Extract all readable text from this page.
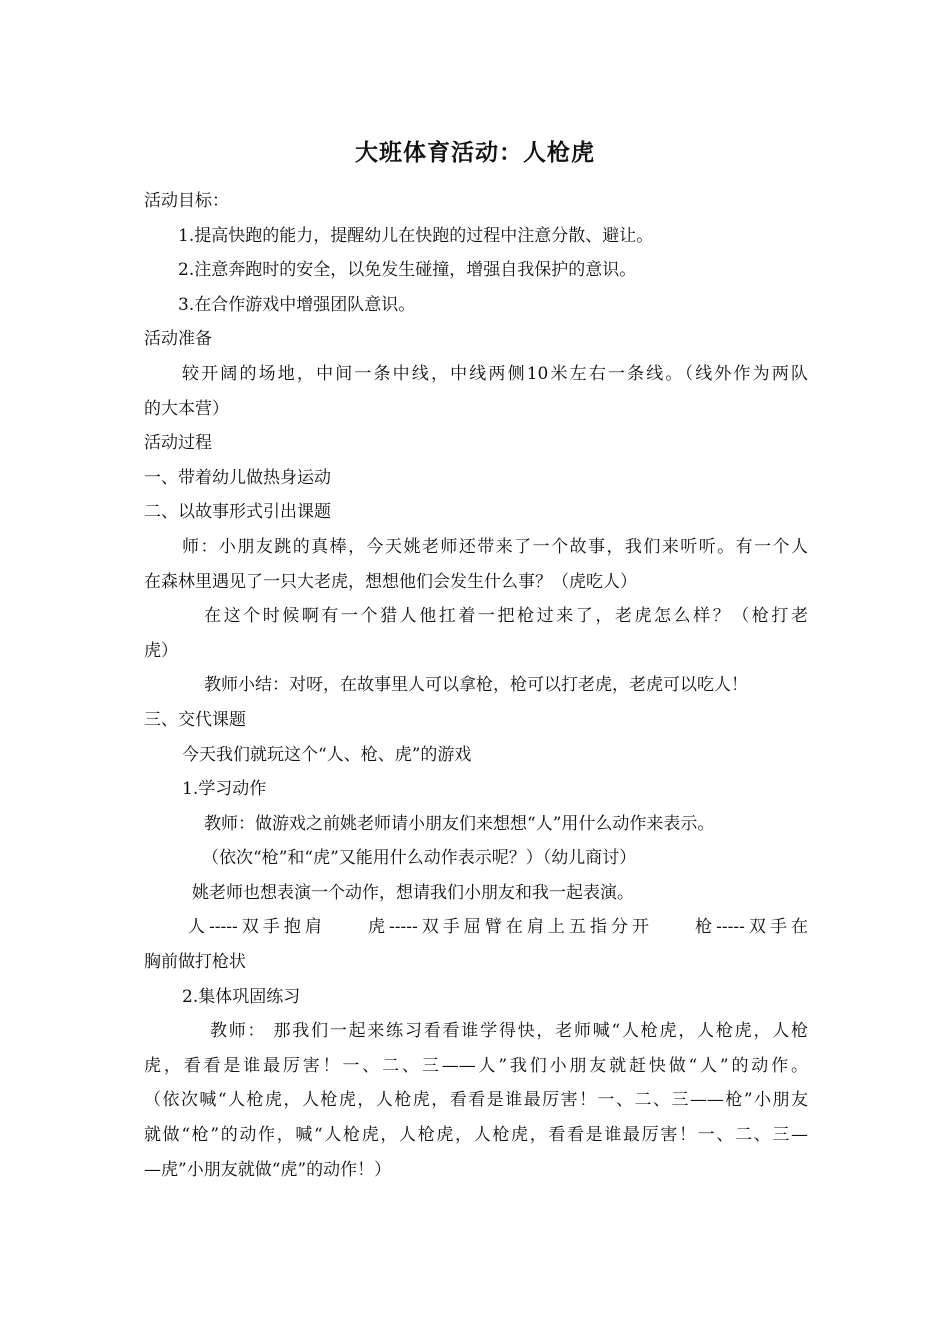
大班体育活动：人枪虎
活动目标：
1.提高快跑的能力，提醒幼儿在快跑的过程中注意分散、避让。
2.注意奔跑时的安全，以免发生碰撞，增强自我保护的意识。
3.在合作游戏中增强团队意识。
活动准备
较开阔的场地，中间一条中线，中线两侧10米左右一条线。（线外作为两队
的大本营）
活动过程
一、带着幼儿做热身运动
二、以故事形式引出课题
师：小朋友跳的真棒，今天姚老师还带来了一个故事，我们来听听。有一个人
在森林里遇见了一只大老虎，想想他们会发生什么事？（虎吃人）
在这个时候啊有一个猎人他扛着一把枪过来了，老虎怎么样？（枪打老
虎）
教师小结：对呀，在故事里人可以拿枪，枪可以打老虎，老虎可以吃人！
三、交代课题
今天我们就玩这个“人、枪、虎”的游戏
1.学习动作
教师：做游戏之前姚老师请小朋友们来想想“人”用什么动作来表示。
（依次“枪”和“虎”又能用什么动作表示呢？）（幼儿商讨）
姚老师也想表演一个动作，想请我们小朋友和我一起表演。
人-----双手抱肩　　虎-----双手屈臂在肩上五指分开　　枪-----双手在
胸前做打枪状
2.集体巩固练习
教师： 那我们一起来练习看看谁学得快，老师喊“人枪虎，人枪虎，人枪
虎，看看是谁最厉害！一、二、三——人”我们小朋友就赶快做“人”的动作。
（依次喊“人枪虎，人枪虎，人枪虎，看看是谁最厉害！一、二、三——枪”小朋友
就做“枪”的动作，喊“人枪虎，人枪虎，人枪虎，看看是谁最厉害！一、二、三—
—虎”小朋友就做“虎”的动作！）
